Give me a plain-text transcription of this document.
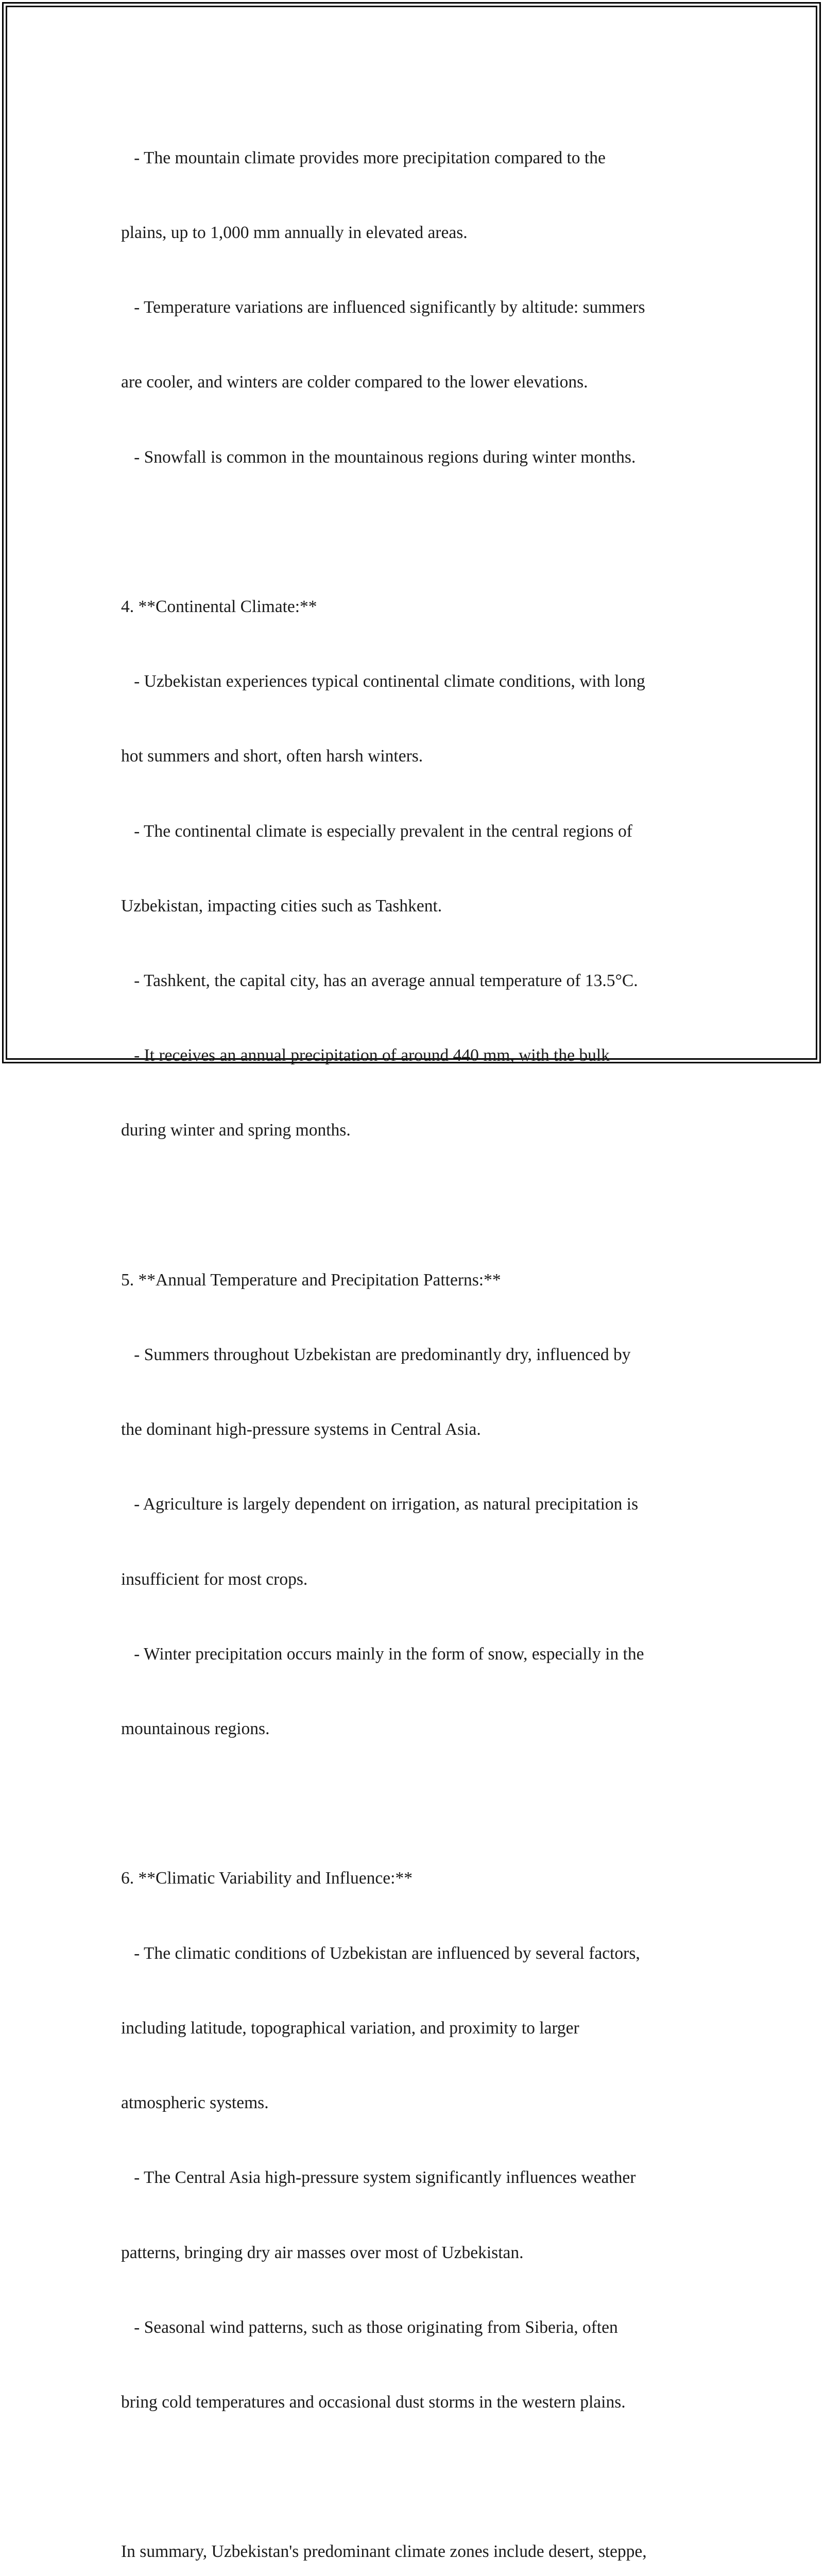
- The mountain climate provides more precipitation compared to the

plains, up to 1,000 mm annually in elevated areas.

- Temperature variations are influenced significantly by altitude: summers

are cooler, and winters are colder compared to the lower elevations.

- Snowfall is common in the mountainous regions during winter months.

4. **Continental Climate:**

- Uzbekistan experiences typical continental climate conditions, with long

hot summers and short, often harsh winters.

- The continental climate is especially prevalent in the central regions of

Uzbekistan, impacting cities such as Tashkent.

- Tashkent, the capital city, has an average annual temperature of 13.5°C.

- It receives an annual precipitation of around 440 mm, with the bulk

during winter and spring months.

5. **Annual Temperature and Precipitation Patterns:**

- Summers throughout Uzbekistan are predominantly dry, influenced by

the dominant high-pressure systems in Central Asia.

- Agriculture is largely dependent on irrigation, as natural precipitation is

insufficient for most crops.

- Winter precipitation occurs mainly in the form of snow, especially in the

mountainous regions.

6. **Climatic Variability and Influence:**

- The climatic conditions of Uzbekistan are influenced by several factors,

including latitude, topographical variation, and proximity to larger

atmospheric systems.

- The Central Asia high-pressure system significantly influences weather

patterns, bringing dry air masses over most of Uzbekistan.

- Seasonal wind patterns, such as those originating from Siberia, often

bring cold temperatures and occasional dust storms in the western plains.

In summary, Uzbekistan's predominant climate zones include desert, steppe,
